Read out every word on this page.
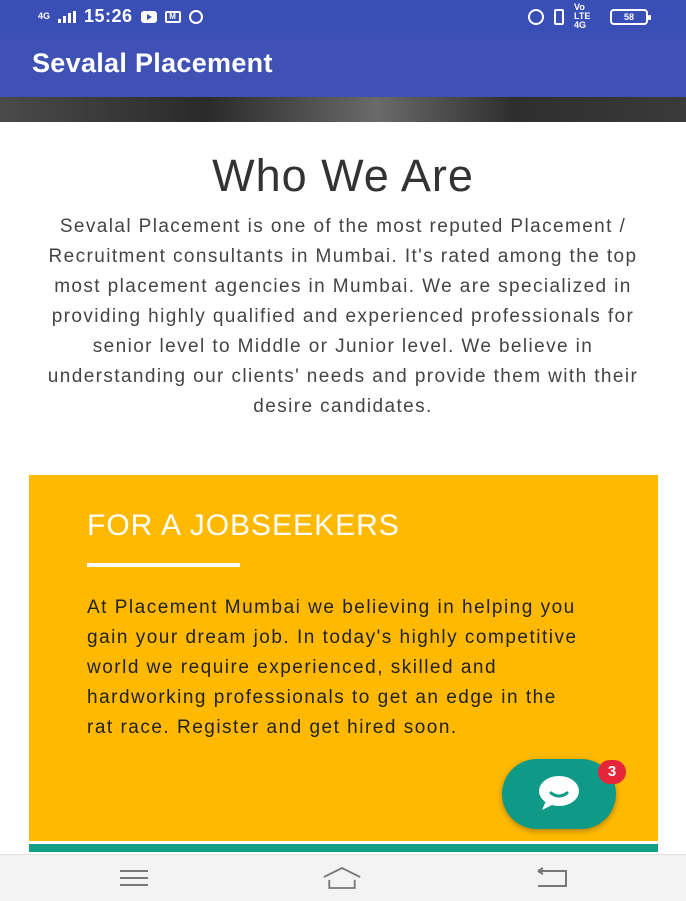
4G 15:26	M
Vo LTE 4G
58
Sevalal Placement
Who We Are
Sevalal Placement is one of the most reputed Placement / Recruitment consultants in Mumbai. It's rated among the top most placement agencies in Mumbai. We are specialized in providing highly qualified and experienced professionals for senior level to Middle or Junior level. We believe in understanding our clients' needs and provide them with their desire candidates.
FOR A JOBSEEKERS
At Placement Mumbai we believing in helping you gain your dream job. In today's highly competitive world we require experienced, skilled and hardworking professionals to get an edge in the rat race. Register and get hired soon.
3
